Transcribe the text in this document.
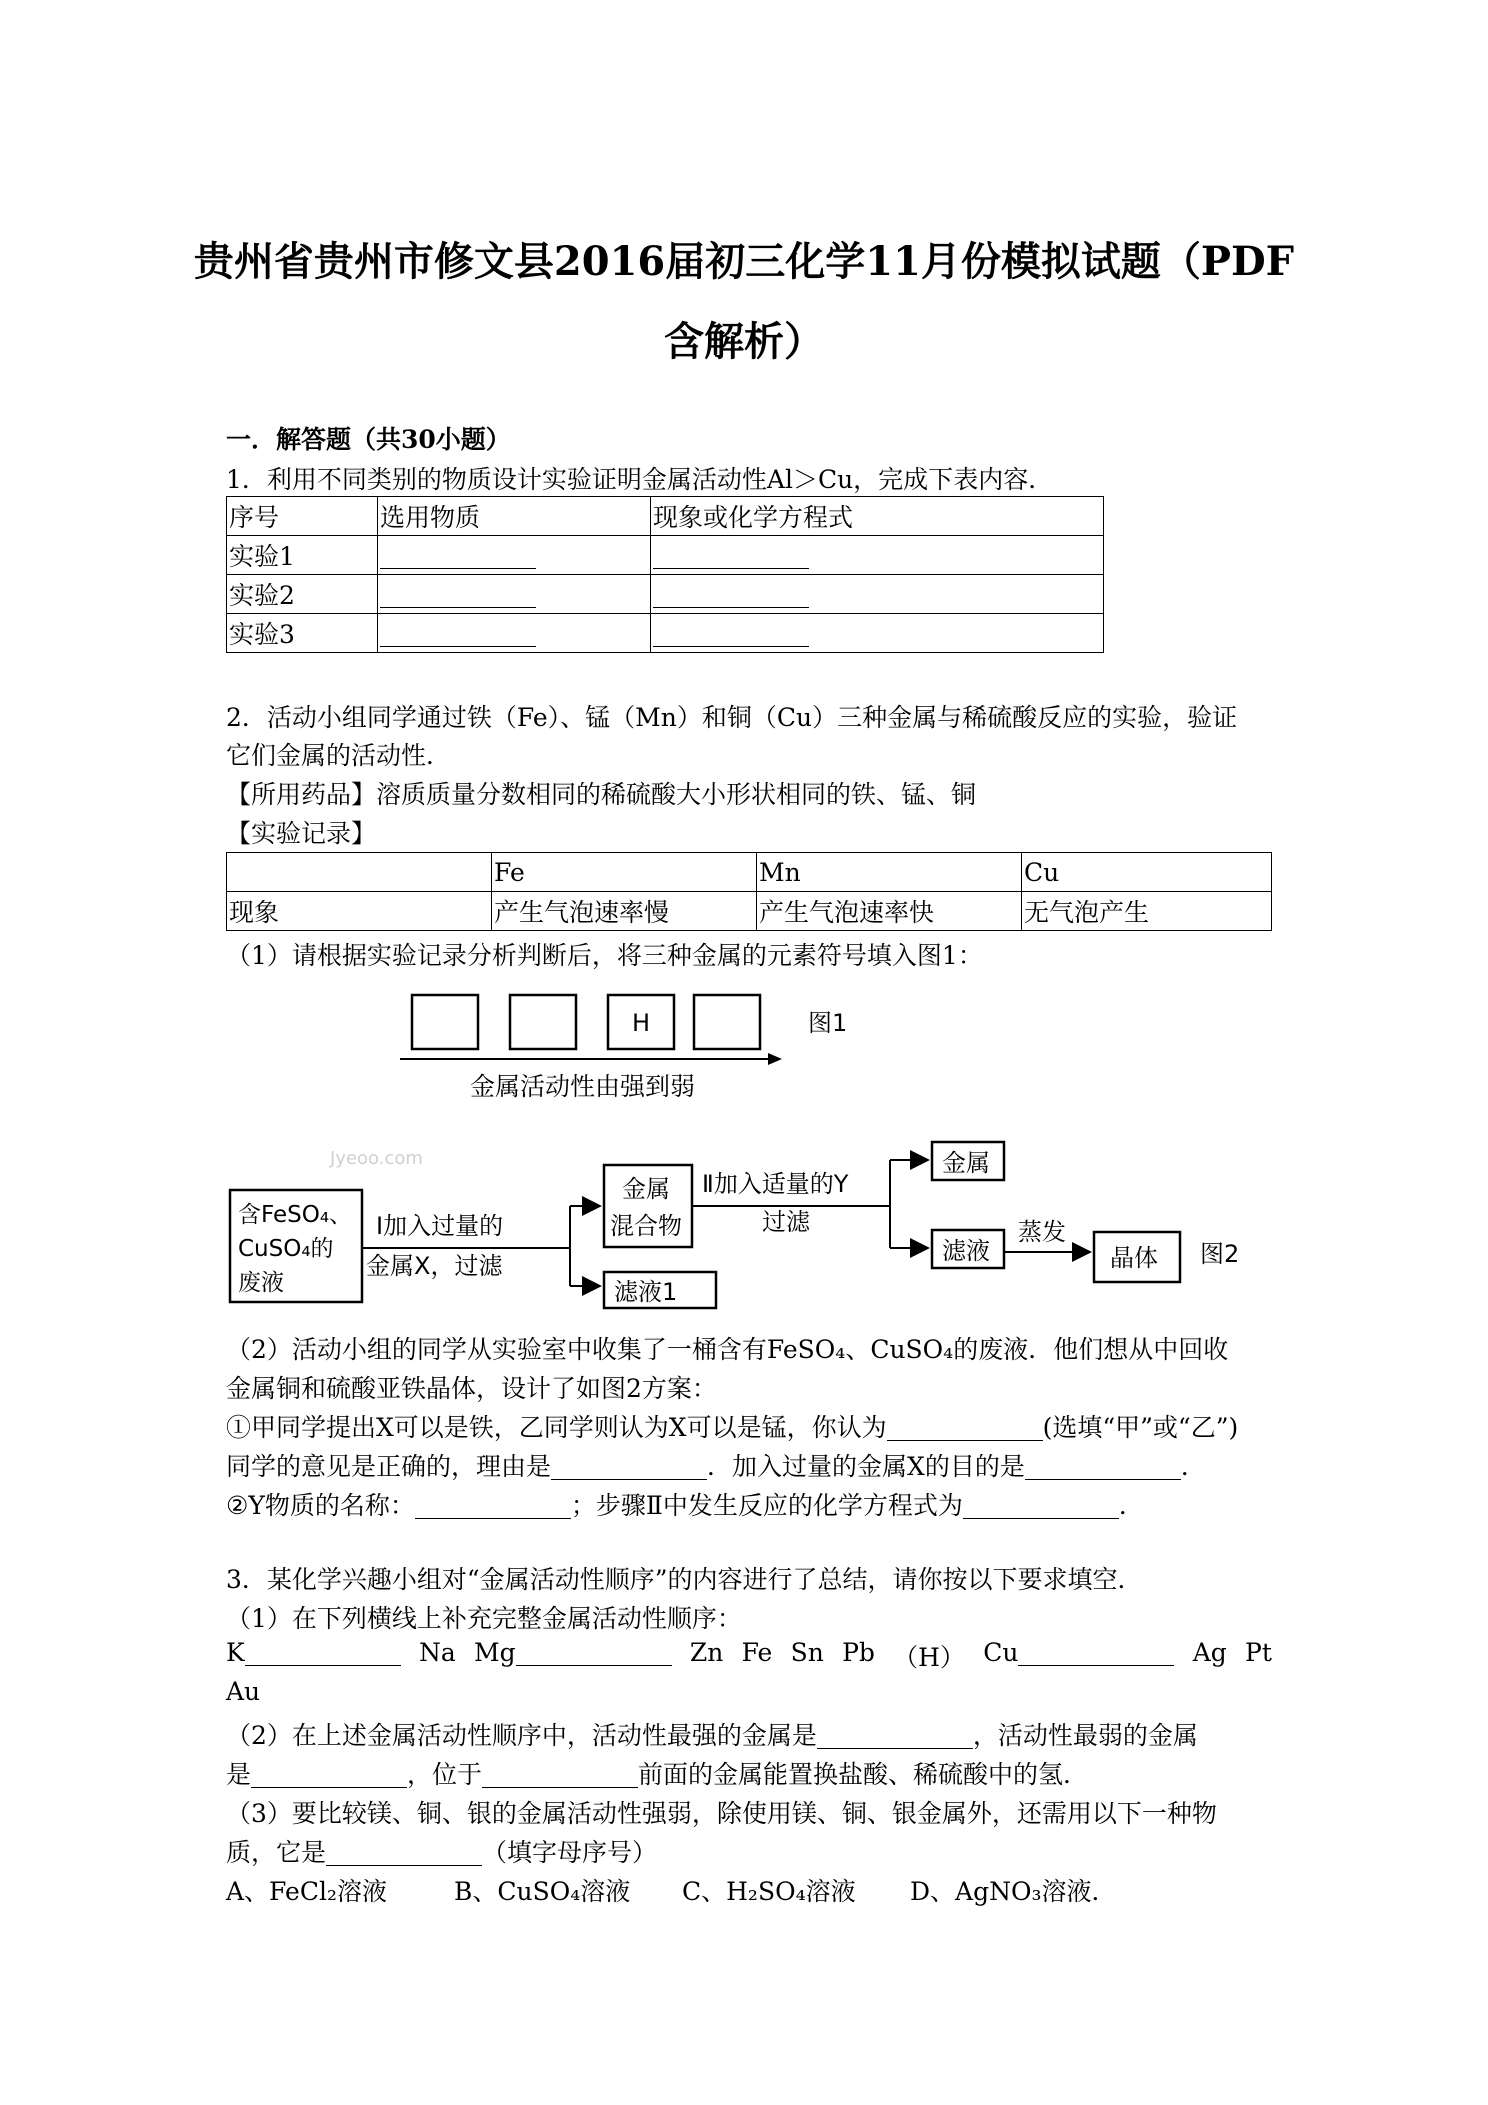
贵州省贵州市修文县2016届初三化学11月份模拟试题（PDF
含解析）
一．解答题（共30小题）
1．利用不同类别的物质设计实验证明金属活动性Al＞Cu，完成下表内容．
序号	选用物质	现象或化学方程式
实验1		
实验2		
实验3		
2．活动小组同学通过铁（Fe）、锰（Mn）和铜（Cu）三种金属与稀硫酸反应的实验，验证
它们金属的活动性．
【所用药品】溶质质量分数相同的稀硫酸大小形状相同的铁、锰、铜
【实验记录】
	Fe	Mn	Cu
现象	产生气泡速率慢	产生气泡速率快	无气泡产生
（1）请根据实验记录分析判断后，将三种金属的元素符号填入图1：
H	图1
金属活动性由强到弱
Jyeoo.com
含FeSO₄、
CuSO₄的
废液
Ⅰ加入过量的
金属X，过滤
金属
混合物
滤液1
Ⅱ加入适量的Y
过滤
金属
滤液
蒸发
晶体 图2
（2）活动小组的同学从实验室中收集了一桶含有FeSO₄、CuSO₄的废液．他们想从中回收
金属铜和硫酸亚铁晶体，设计了如图2方案：
①甲同学提出X可以是铁，乙同学则认为X可以是锰，你认为	(选填“甲”或“乙”)
同学的意见是正确的，理由是	．加入过量的金属X的目的是	．
②Y物质的名称：	；步骤Ⅱ中发生反应的化学方程式为	．
3．某化学兴趣小组对“金属活动性顺序”的内容进行了总结，请你按以下要求填空．
（1）在下列横线上补充完整金属活动性顺序：
K	Na Mg	Zn Fe Sn Pb （H） Cu	Ag Pt
Au
（2）在上述金属活动性顺序中，活动性最强的金属是	，活动性最弱的金属
是	，位于	前面的金属能置换盐酸、稀硫酸中的氢．
（3）要比较镁、铜、银的金属活动性强弱，除使用镁、铜、银金属外，还需用以下一种物
质，它是	（填字母序号）
A、FeCl₂溶液	B、CuSO₄溶液 C、H₂SO₄溶液 D、AgNO₃溶液．
